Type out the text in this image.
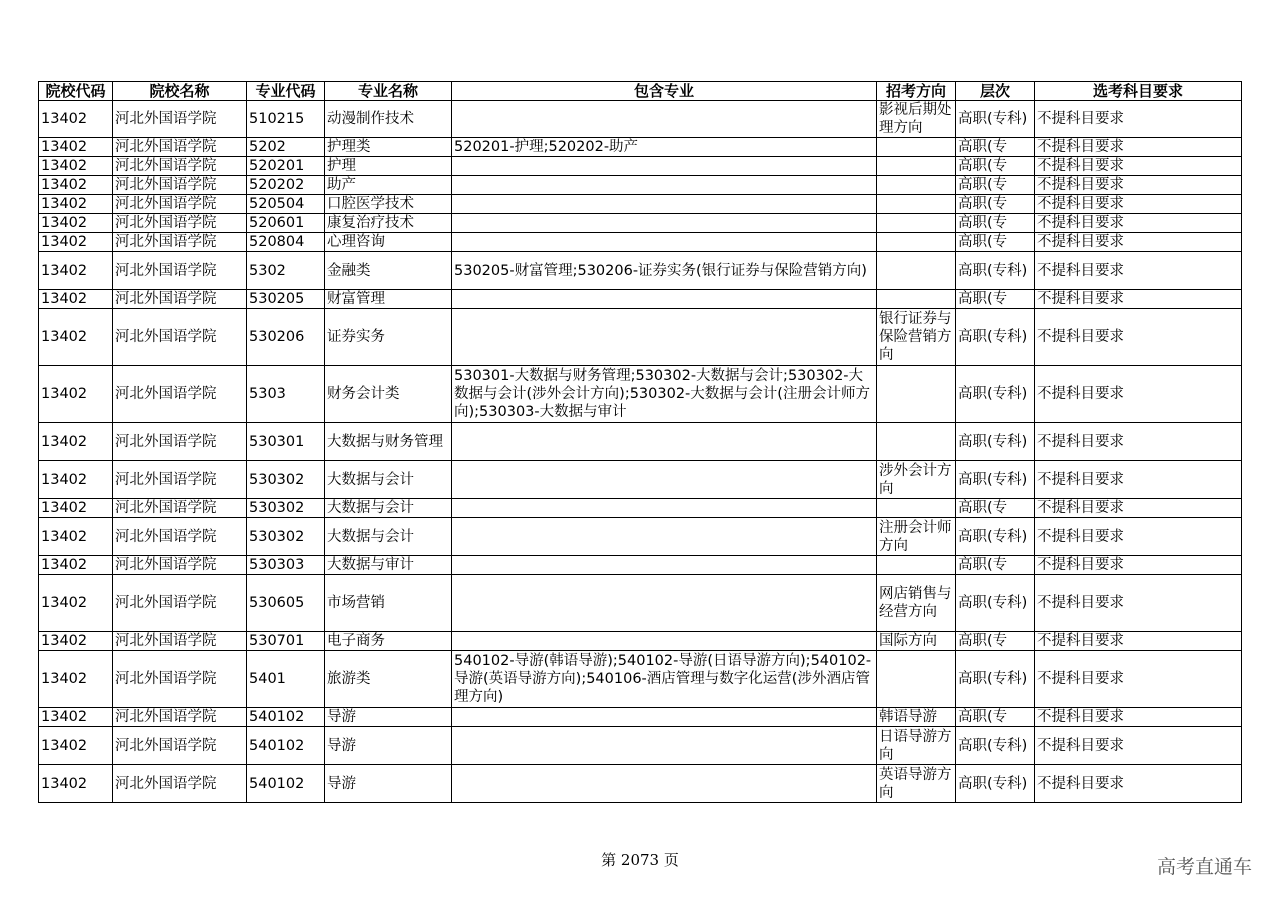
院校代码	院校名称	专业代码	专业名称	包含专业	招考方向	层次	选考科目要求
13402	河北外国语学院	510215	动漫制作技术		影视后期处理方向	高职(专科)	不提科目要求
13402	河北外国语学院	5202	护理类	520201-护理;520202-助产		高职(专	不提科目要求
13402	河北外国语学院	520201	护理			高职(专	不提科目要求
13402	河北外国语学院	520202	助产			高职(专	不提科目要求
13402	河北外国语学院	520504	口腔医学技术			高职(专	不提科目要求
13402	河北外国语学院	520601	康复治疗技术			高职(专	不提科目要求
13402	河北外国语学院	520804	心理咨询			高职(专	不提科目要求
13402	河北外国语学院	5302	金融类	530205-财富管理;530206-证券实务(银行证券与保险营销方向)		高职(专科)	不提科目要求
13402	河北外国语学院	530205	财富管理			高职(专	不提科目要求
13402	河北外国语学院	530206	证券实务		银行证券与保险营销方向	高职(专科)	不提科目要求
13402	河北外国语学院	5303	财务会计类	530301-大数据与财务管理;530302-大数据与会计;530302-大数据与会计(涉外会计方向);530302-大数据与会计(注册会计师方向);530303-大数据与审计		高职(专科)	不提科目要求
13402	河北外国语学院	530301	大数据与财务管理			高职(专科)	不提科目要求
13402	河北外国语学院	530302	大数据与会计		涉外会计方向	高职(专科)	不提科目要求
13402	河北外国语学院	530302	大数据与会计			高职(专	不提科目要求
13402	河北外国语学院	530302	大数据与会计		注册会计师方向	高职(专科)	不提科目要求
13402	河北外国语学院	530303	大数据与审计			高职(专	不提科目要求
13402	河北外国语学院	530605	市场营销		网店销售与经营方向	高职(专科)	不提科目要求
13402	河北外国语学院	530701	电子商务		国际方向	高职(专	不提科目要求
13402	河北外国语学院	5401	旅游类	540102-导游(韩语导游);540102-导游(日语导游方向);540102-导游(英语导游方向);540106-酒店管理与数字化运营(涉外酒店管理方向)		高职(专科)	不提科目要求
13402	河北外国语学院	540102	导游		韩语导游	高职(专	不提科目要求
13402	河北外国语学院	540102	导游		日语导游方向	高职(专科)	不提科目要求
13402	河北外国语学院	540102	导游		英语导游方向	高职(专科)	不提科目要求
第 2073 页	高考直通车
